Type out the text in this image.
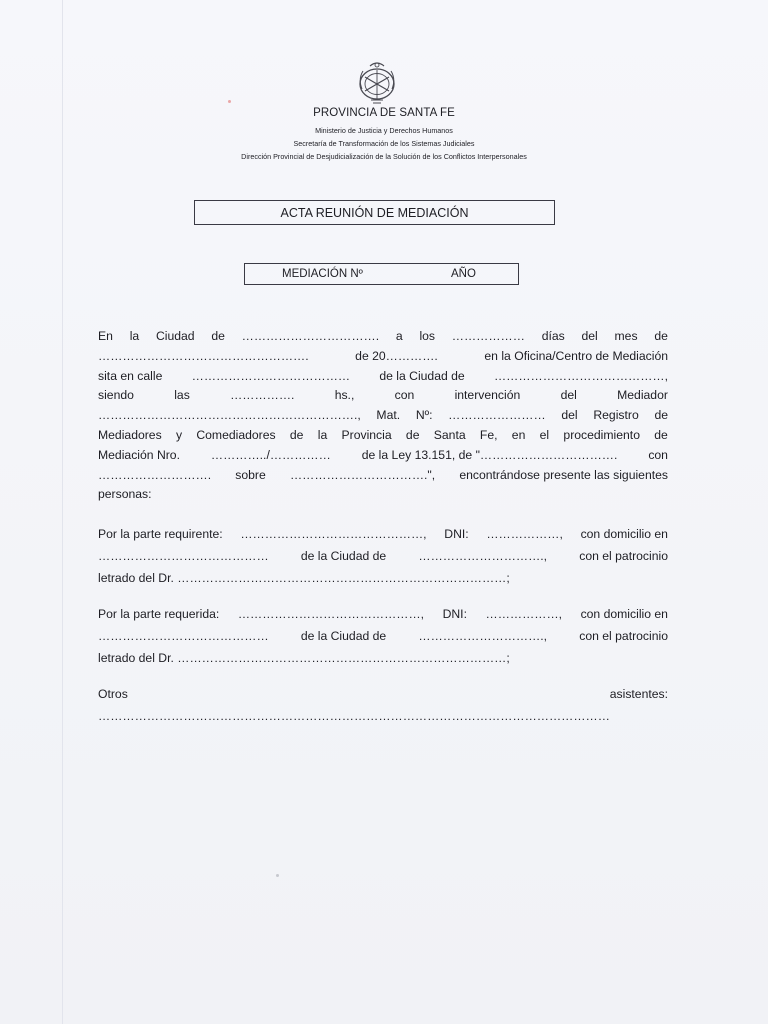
PROVINCIA DE SANTA FE
Ministerio de Justicia y Derechos Humanos
Secretaría de Transformación de los Sistemas Judiciales
Dirección Provincial de Desjudicialización de la Solución de los Conflictos Interpersonales
ACTA REUNIÓN DE MEDIACIÓN
MEDIACIÓN Nº	AÑO
En la Ciudad de ……………………………. a los ……………… días del mes de
…………………………………………….	de 20………….	en la Oficina/Centro de Mediación
sita en calle ………………………………… de la Ciudad de ……………………………………,
siendo	las	…………….	hs.,	con	intervención	del	Mediador
………………………………………………………., Mat. Nº: …………………… del Registro de
Mediadores y Comediadores de la Provincia de Santa Fe, en el procedimiento de
Mediación Nro.	…………../……………	de la Ley 13.151, de "…………………………….	con
………………………. sobre …………………………….", encontrándose presente las siguientes
personas:
Por la parte requirente: ………………………………………, DNI: ………………, con domicilio en
……………………………………	de la Ciudad de	………………………….,	con el patrocinio
letrado del Dr. ………………………………………………………………………;
Por la parte requerida: ………………………………………, DNI: ………………, con domicilio en
……………………………………	de la Ciudad de	………………………….,	con el patrocinio
letrado del Dr. ………………………………………………………………………;
Otros	asistentes:
………………………………………………………………………………………………………………
